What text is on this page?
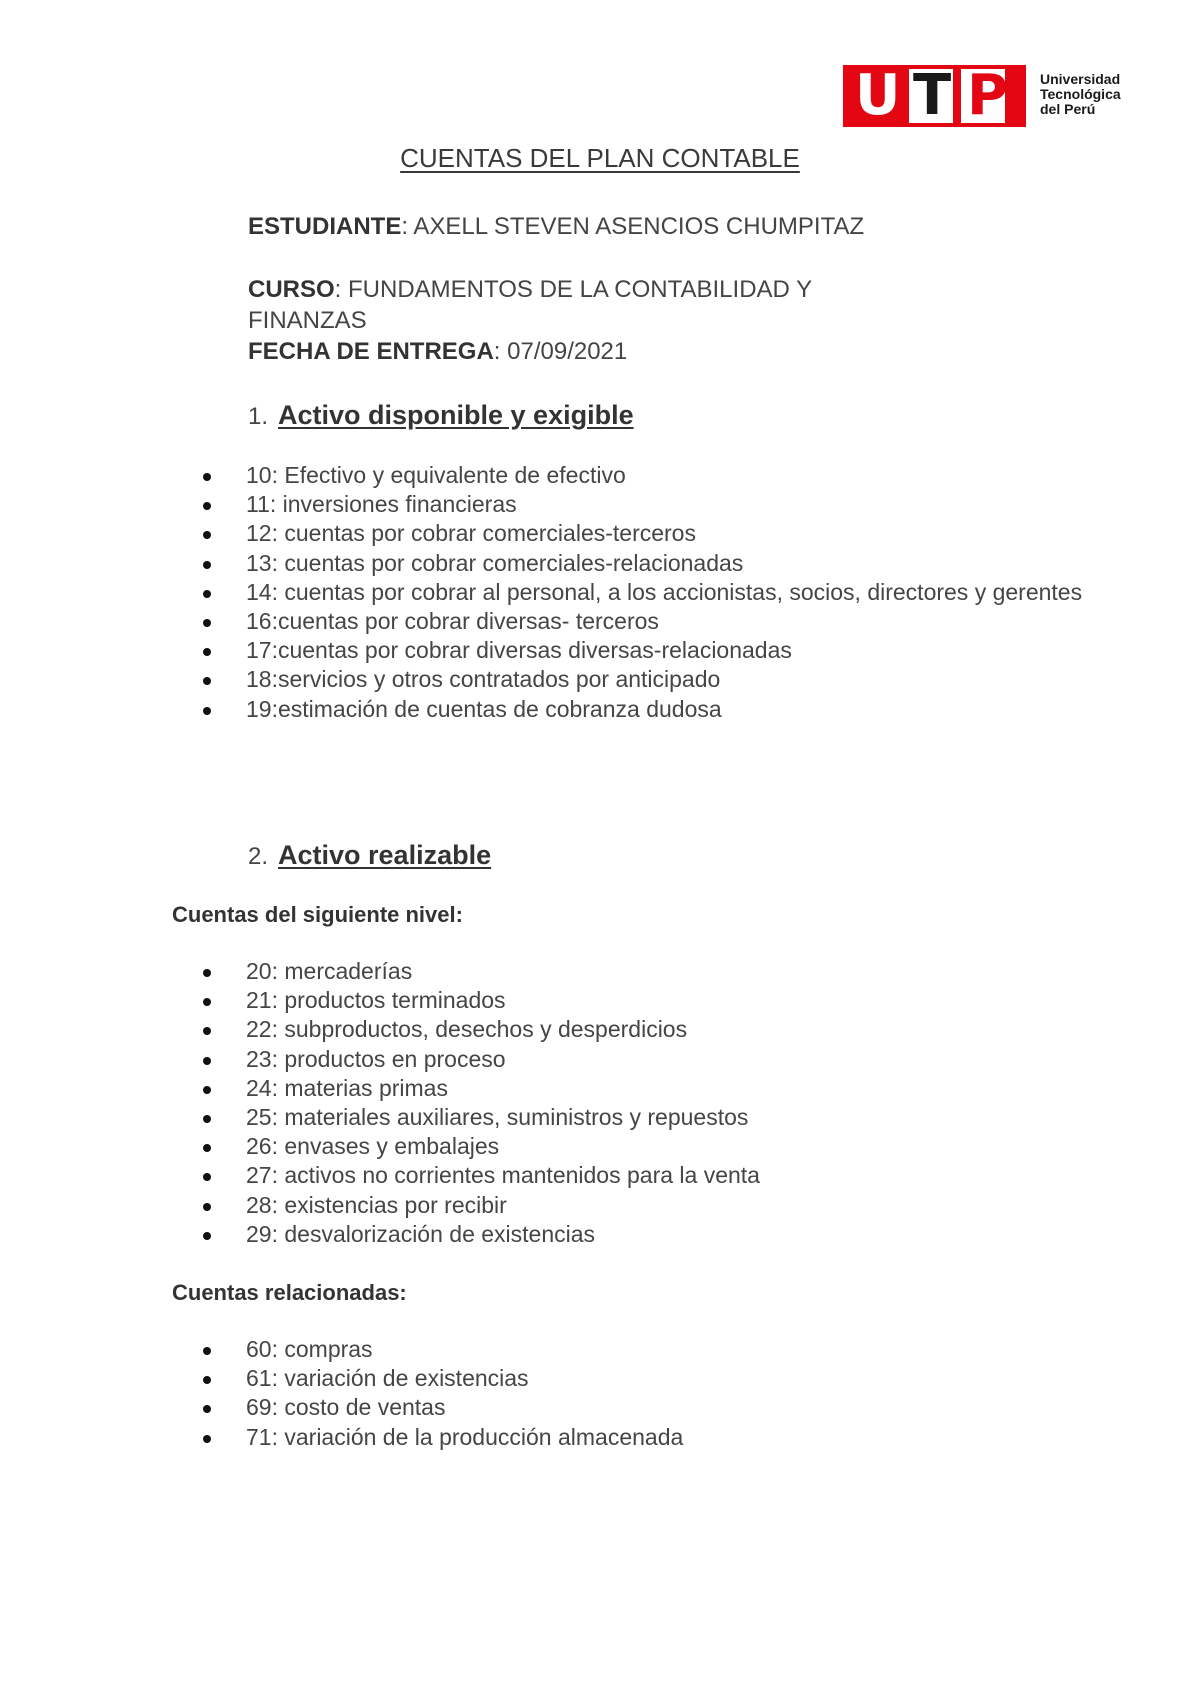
U T P Universidad
Tecnológica
del Perú
CUENTAS DEL PLAN CONTABLE
ESTUDIANTE: AXELL STEVEN ASENCIOS CHUMPITAZ
CURSO: FUNDAMENTOS DE LA CONTABILIDAD Y
FINANZAS
FECHA DE ENTREGA: 07/09/2021
1. Activo disponible y exigible
10: Efectivo y equivalente de efectivo
11: inversiones financieras
12: cuentas por cobrar comerciales-terceros
13: cuentas por cobrar comerciales-relacionadas
14: cuentas por cobrar al personal, a los accionistas, socios, directores y gerentes
16:cuentas por cobrar diversas- terceros
17:cuentas por cobrar diversas diversas-relacionadas
18:servicios y otros contratados por anticipado
19:estimación de cuentas de cobranza dudosa
2. Activo realizable
Cuentas del siguiente nivel:
20: mercaderías
21: productos terminados
22: subproductos, desechos y desperdicios
23: productos en proceso
24: materias primas
25: materiales auxiliares, suministros y repuestos
26: envases y embalajes
27: activos no corrientes mantenidos para la venta
28: existencias por recibir
29: desvalorización de existencias
Cuentas relacionadas:
60: compras
61: variación de existencias
69: costo de ventas
71: variación de la producción almacenada
